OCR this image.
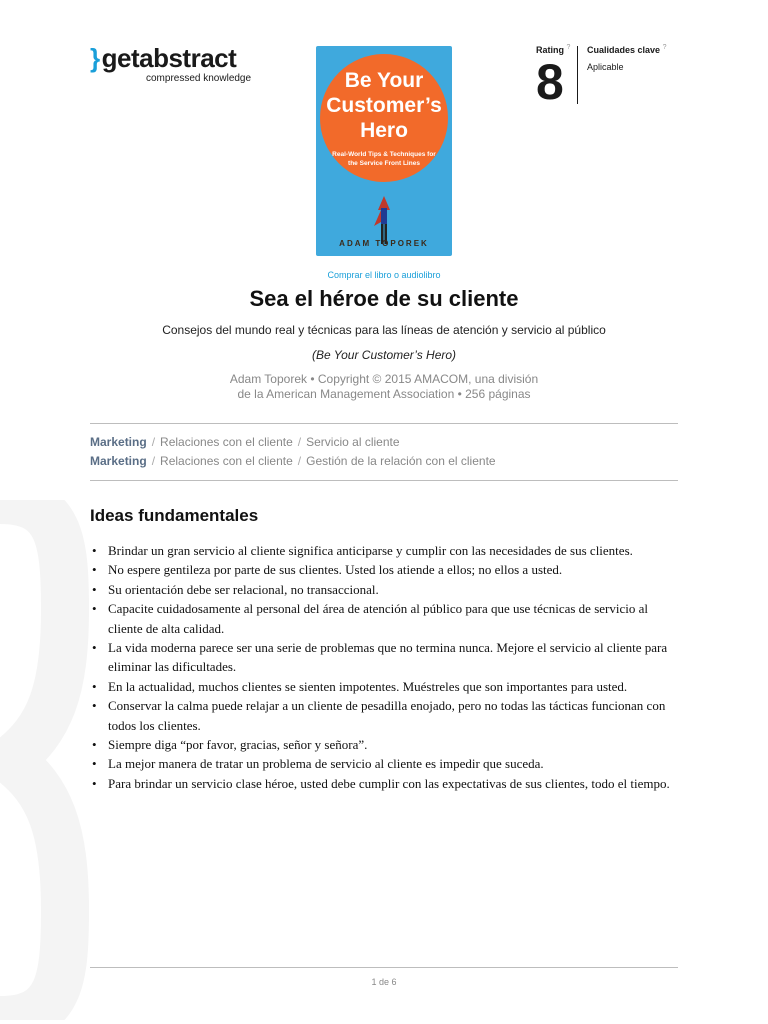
} getabstract
compressed knowledge	Be Your Customer’s Hero
Real-World Tips & Techniques for the Service Front Lines
ADAM TOPOREK
Rating ?
8
Cualidades clave ?
Aplicable
Comprar el libro o audiolibro
Sea el héroe de su cliente
Consejos del mundo real y técnicas para las líneas de atención y servicio al público
(Be Your Customer’s Hero)
Adam Toporek • Copyright © 2015 AMACOM, una división
de la American Management Association • 256 páginas
Marketing / Relaciones con el cliente / Servicio al cliente
Marketing / Relaciones con el cliente / Gestión de la relación con el cliente
Ideas fundamentales
• Brindar un gran servicio al cliente significa anticiparse y cumplir con las necesidades de sus clientes.
• No espere gentileza por parte de sus clientes. Usted los atiende a ellos; no ellos a usted.
• Su orientación debe ser relacional, no transaccional.
• Capacite cuidadosamente al personal del área de atención al público para que use técnicas de servicio al cliente de alta calidad.
• La vida moderna parece ser una serie de problemas que no termina nunca. Mejore el servicio al cliente para eliminar las dificultades.
• En la actualidad, muchos clientes se sienten impotentes. Muéstreles que son importantes para usted.
• Conservar la calma puede relajar a un cliente de pesadilla enojado, pero no todas las tácticas funcionan con todos los clientes.
• Siempre diga “por favor, gracias, señor y señora”.
• La mejor manera de tratar un problema de servicio al cliente es impedir que suceda.
• Para brindar un servicio clase héroe, usted debe cumplir con las expectativas de sus clientes, todo el tiempo.
1 de 6
